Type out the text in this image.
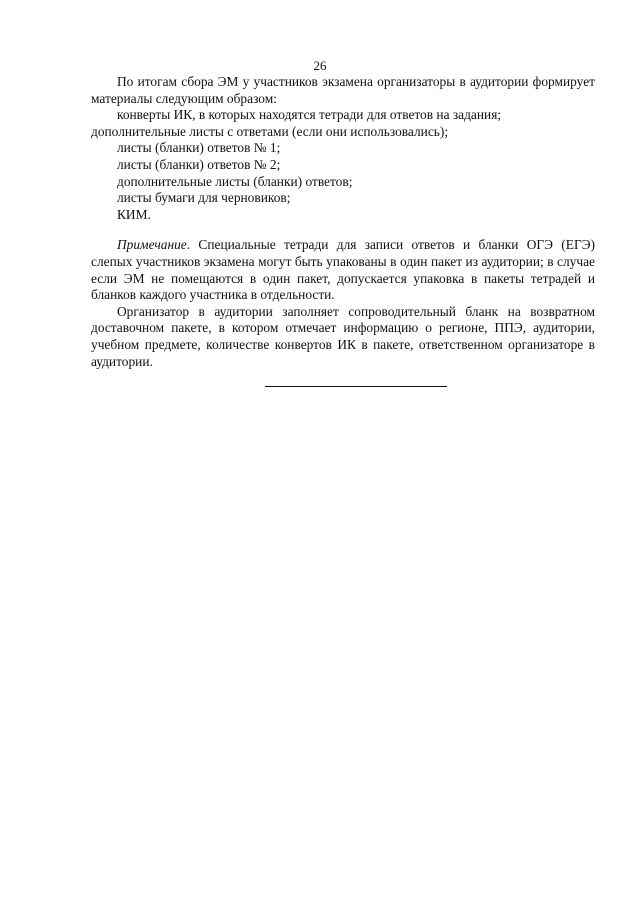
26

По итогам сбора ЭМ у участников экзамена организаторы в аудитории формирует материалы следующим образом:

конверты ИК, в которых находятся тетради для ответов на задания;
дополнительные листы с ответами (если они использовались);
листы (бланки) ответов № 1;
листы (бланки) ответов № 2;
дополнительные листы (бланки) ответов;
листы бумаги для черновиков;
КИМ.

Примечание. Специальные тетради для записи ответов и бланки ОГЭ (ЕГЭ) слепых участников экзамена могут быть упакованы в один пакет из аудитории; в случае если ЭМ не помещаются в один пакет, допускается упаковка в пакеты тетрадей и бланков каждого участника в отдельности.

Организатор в аудитории заполняет сопроводительный бланк на возвратном доставочном пакете, в котором отмечает информацию о регионе, ППЭ, аудитории, учебном предмете, количестве конвертов ИК в пакете, ответственном организаторе в аудитории.
